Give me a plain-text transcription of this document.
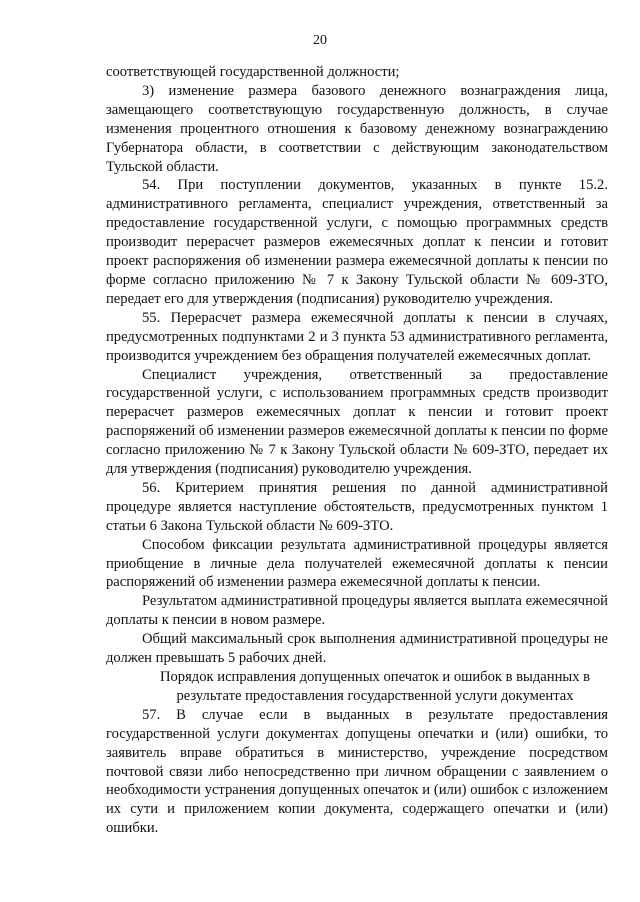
20

соответствующей государственной должности;

3) изменение размера базового денежного вознаграждения лица, замещающего соответствующую государственную должность, в случае изменения процентного отношения к базовому денежному вознаграждению Губернатора области, в соответствии с действующим законодательством Тульской области.

54. При поступлении документов, указанных в пункте 15.2. административного регламента, специалист учреждения, ответственный за предоставление государственной услуги, с помощью программных средств производит перерасчет размеров ежемесячных доплат к пенсии и готовит проект распоряжения об изменении размера ежемесячной доплаты к пенсии по форме согласно приложению № 7 к Закону Тульской области № 609-ЗТО, передает его для утверждения (подписания) руководителю учреждения.

55. Перерасчет размера ежемесячной доплаты к пенсии в случаях, предусмотренных подпунктами 2 и 3 пункта 53 административного регламента, производится учреждением без обращения получателей ежемесячных доплат.

Специалист учреждения, ответственный за предоставление государственной услуги, с использованием программных средств производит перерасчет размеров ежемесячных доплат к пенсии и готовит проект распоряжений об изменении размеров ежемесячной доплаты к пенсии по форме согласно приложению № 7 к Закону Тульской области № 609-ЗТО, передает их для утверждения (подписания) руководителю учреждения.

56. Критерием принятия решения по данной административной процедуре является наступление обстоятельств, предусмотренных пунктом 1 статьи 6 Закона Тульской области № 609-ЗТО.

Способом фиксации результата административной процедуры является приобщение в личные дела получателей ежемесячной доплаты к пенсии распоряжений об изменении размера ежемесячной доплаты к пенсии.

Результатом административной процедуры является выплата ежемесячной доплаты к пенсии в новом размере.

Общий максимальный срок выполнения административной процедуры не должен превышать 5 рабочих дней.

Порядок исправления допущенных опечаток и ошибок в выданных в
результате предоставления государственной услуги документах

57. В случае если в выданных в результате предоставления государственной услуги документах допущены опечатки и (или) ошибки, то заявитель вправе обратиться в министерство, учреждение посредством почтовой связи либо непосредственно при личном обращении с заявлением о необходимости устранения допущенных опечаток и (или) ошибок с изложением их сути и приложением копии документа, содержащего опечатки и (или) ошибки.
